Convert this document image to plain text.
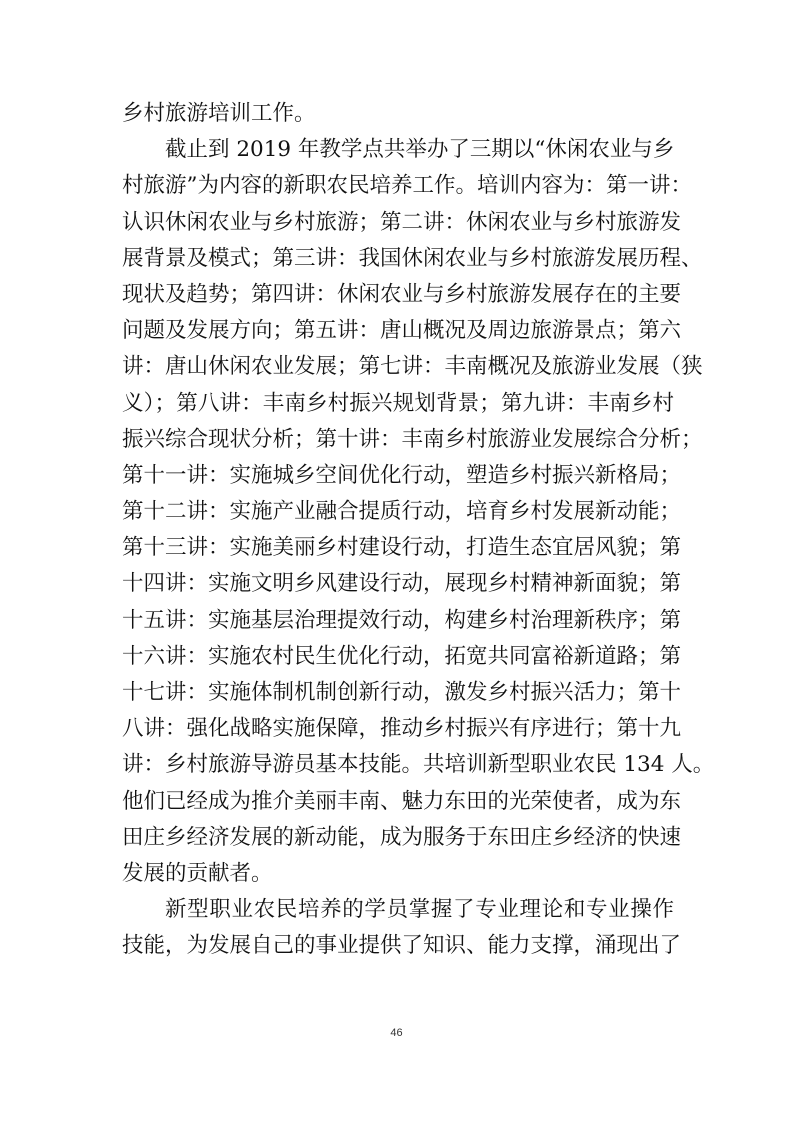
乡村旅游培训工作。
截止到 2019 年教学点共举办了三期以“休闲农业与乡
村旅游”为内容的新职农民培养工作。培训内容为：第一讲：
认识休闲农业与乡村旅游；第二讲：休闲农业与乡村旅游发
展背景及模式；第三讲：我国休闲农业与乡村旅游发展历程、
现状及趋势；第四讲：休闲农业与乡村旅游发展存在的主要
问题及发展方向；第五讲：唐山概况及周边旅游景点；第六
讲：唐山休闲农业发展；第七讲：丰南概况及旅游业发展（狭
义）；第八讲：丰南乡村振兴规划背景；第九讲：丰南乡村
振兴综合现状分析；第十讲：丰南乡村旅游业发展综合分析；
第十一讲：实施城乡空间优化行动，塑造乡村振兴新格局；
第十二讲：实施产业融合提质行动，培育乡村发展新动能；
第十三讲：实施美丽乡村建设行动，打造生态宜居风貌；第
十四讲：实施文明乡风建设行动，展现乡村精神新面貌；第
十五讲：实施基层治理提效行动，构建乡村治理新秩序；第
十六讲：实施农村民生优化行动，拓宽共同富裕新道路；第
十七讲：实施体制机制创新行动，激发乡村振兴活力；第十
八讲：强化战略实施保障，推动乡村振兴有序进行；第十九
讲：乡村旅游导游员基本技能。共培训新型职业农民 134 人。
他们已经成为推介美丽丰南、魅力东田的光荣使者，成为东
田庄乡经济发展的新动能，成为服务于东田庄乡经济的快速
发展的贡献者。
新型职业农民培养的学员掌握了专业理论和专业操作
技能，为发展自己的事业提供了知识、能力支撑，涌现出了
46
